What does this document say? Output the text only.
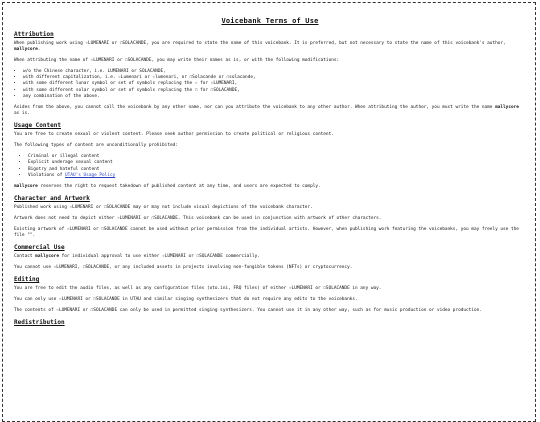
Voicebank Terms of Use
Attribution

When publishing work using ☆LUMENARI or ☐SOLACANDE, you are required to state the name of this voicebank. It is preferred, but not necessary to state the name of this voicebank's author, mallycore.

When attributing the name of ☆LUMENARI or ☐SOLACANDE, you may write their names as is, or with the following modifications:

• w/o the Chinese character, i.e. LUMENARI or SOLACANDE,
• with different capitalization, i.e. ☆Lumenari or ☆lumenari, or ☐Solacande or ☐solacande,
• with some different lunar symbol or set of symbols replacing the ☆ for ☆LUMENARI,
• with some different solar symbol or set of symbols replacing the ☐ for ☐SOLACANDE,
• any combination of the above.

Asides from the above, you cannot call the voicebank by any other name, nor can you attribute the voicebank to any other author. When attributing the author, you must write the name mallycore as is.

Usage Content

You are free to create sexual or violent content. Please seek author permission to create political or religious content.

The following types of content are unconditionally prohibited:

• Criminal or illegal content
• Explicit underage sexual content
• Bigotry and hateful content
• Violations of UTAU's Usage Policy

mallycore reserves the right to request takedown of published content at any time, and users are expected to comply.

Character and Artwork

Published work using ☆LUMENARI or ☐SOLACANDE may or may not include visual depictions of the voicebank character.

Artwork does not need to depict either ☆LUMENARI or ☐SOLACANDE. This voicebank can be used in conjunction with artwork of other characters.

Existing artwork of ☆LUMENARI or ☐SOLACANDE cannot be used without prior permission from the individual artists. However, when publishing work featuring the voicebanks, you may freely use the file "".

Commercial Use

Contact mallycore for individual approval to use either ☆LUMENARI or ☐SOLACANDE commercially.

You cannot use ☆LUMENARI, ☐SOLACANDE, or any included assets in projects involving non-fungible tokens (NFTs) or cryptocurrency.

Editing

You are free to edit the audio files, as well as any configuration files (oto.ini, FRQ files) of either ☆LUMENARI or ☐SOLACANDE in any way.

You can only use ☆LUMENARI or ☐SOLACANDE in UTAU and similar singing synthesizers that do not require any edits to the voicebanks.

The contents of ☆LUMENARI or ☐SOLACANDE can only be used in permitted singing synthesizers. You cannot use it in any other way, such as for music production or video production.

Redistribution
